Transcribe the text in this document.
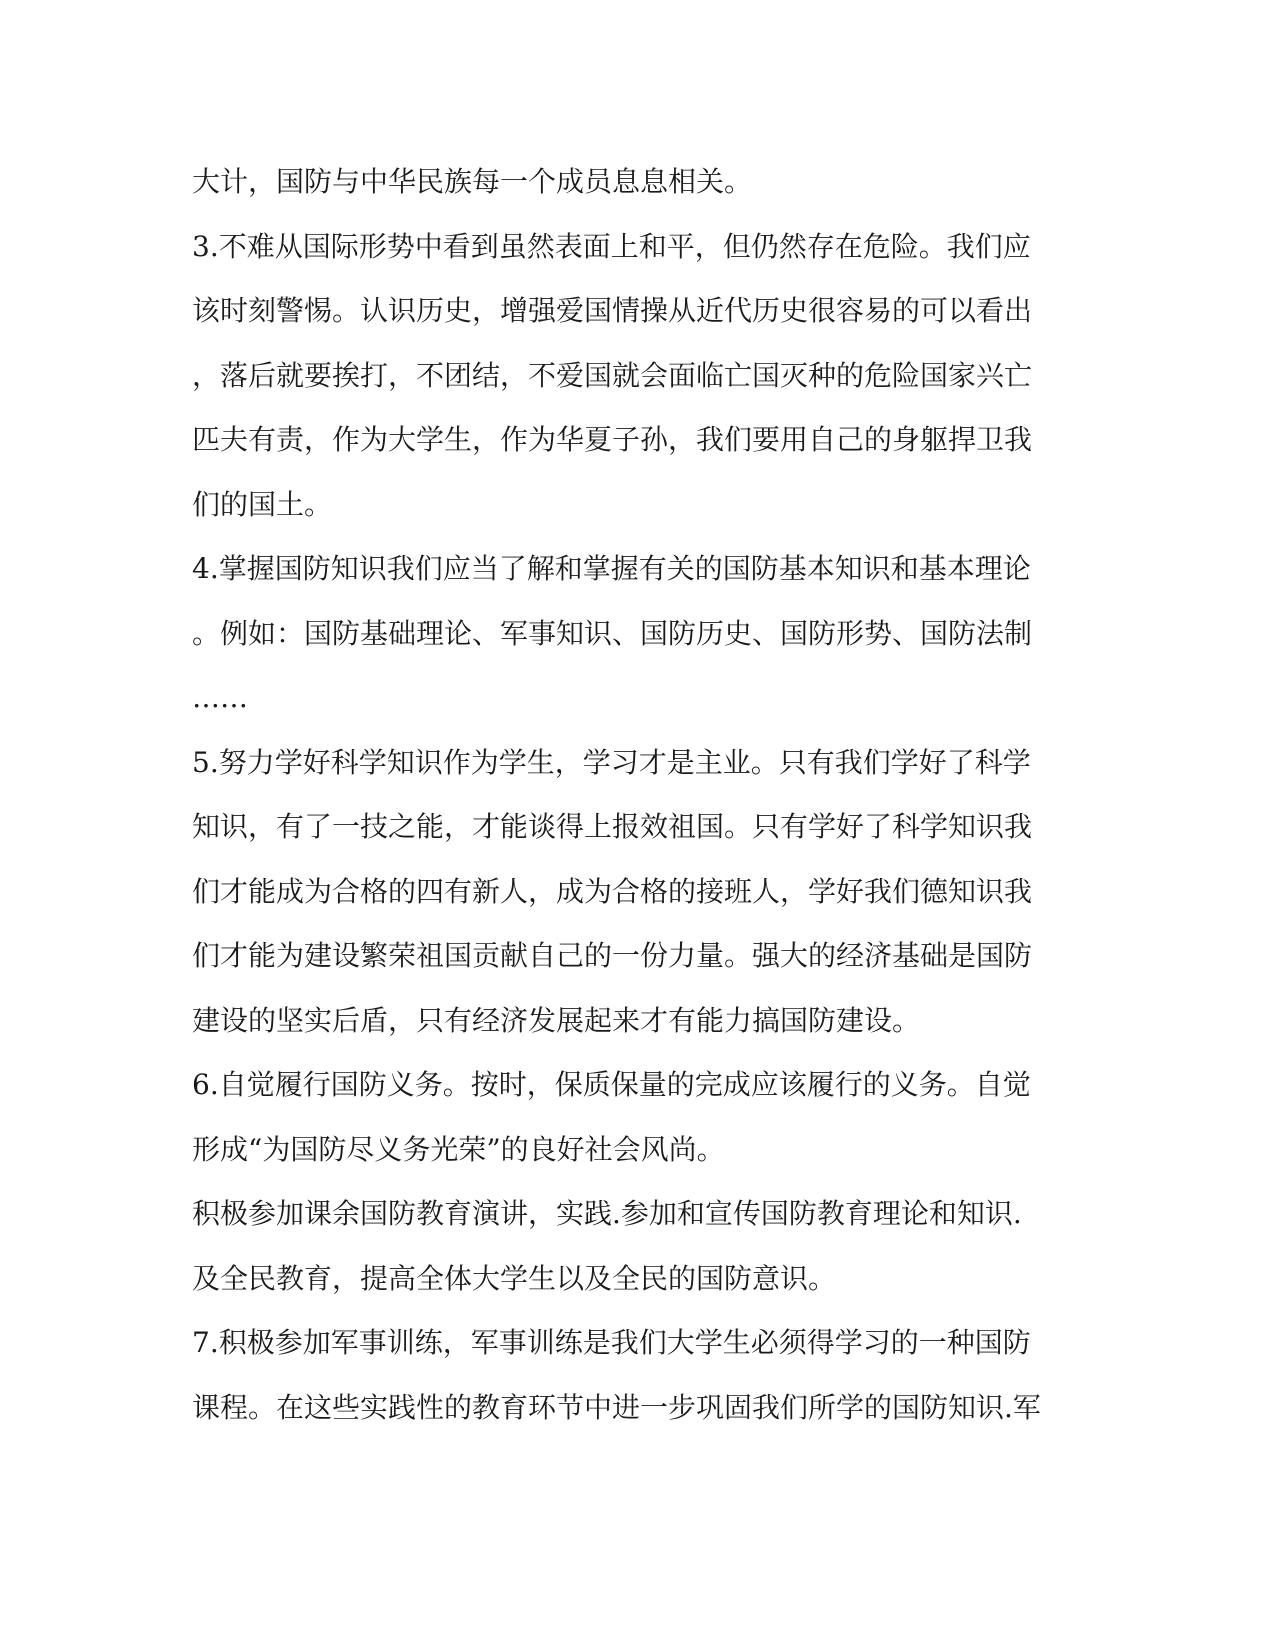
大计，国防与中华民族每一个成员息息相关。
3.不难从国际形势中看到虽然表面上和平，但仍然存在危险。我们应
该时刻警惕。认识历史，增强爱国情操从近代历史很容易的可以看出
，落后就要挨打，不团结，不爱国就会面临亡国灭种的危险国家兴亡
匹夫有责，作为大学生，作为华夏子孙，我们要用自己的身躯捍卫我
们的国土。
4.掌握国防知识我们应当了解和掌握有关的国防基本知识和基本理论
。例如：国防基础理论、军事知识、国防历史、国防形势、国防法制
……
5.努力学好科学知识作为学生，学习才是主业。只有我们学好了科学
知识，有了一技之能，才能谈得上报效祖国。只有学好了科学知识我
们才能成为合格的四有新人，成为合格的接班人，学好我们德知识我
们才能为建设繁荣祖国贡献自己的一份力量。强大的经济基础是国防
建设的坚实后盾，只有经济发展起来才有能力搞国防建设。
6.自觉履行国防义务。按时，保质保量的完成应该履行的义务。自觉
形成“为国防尽义务光荣”的良好社会风尚。
积极参加课余国防教育演讲，实践.参加和宣传国防教育理论和知识.
及全民教育，提高全体大学生以及全民的国防意识。
7.积极参加军事训练，军事训练是我们大学生必须得学习的一种国防
课程。在这些实践性的教育环节中进一步巩固我们所学的国防知识.军
